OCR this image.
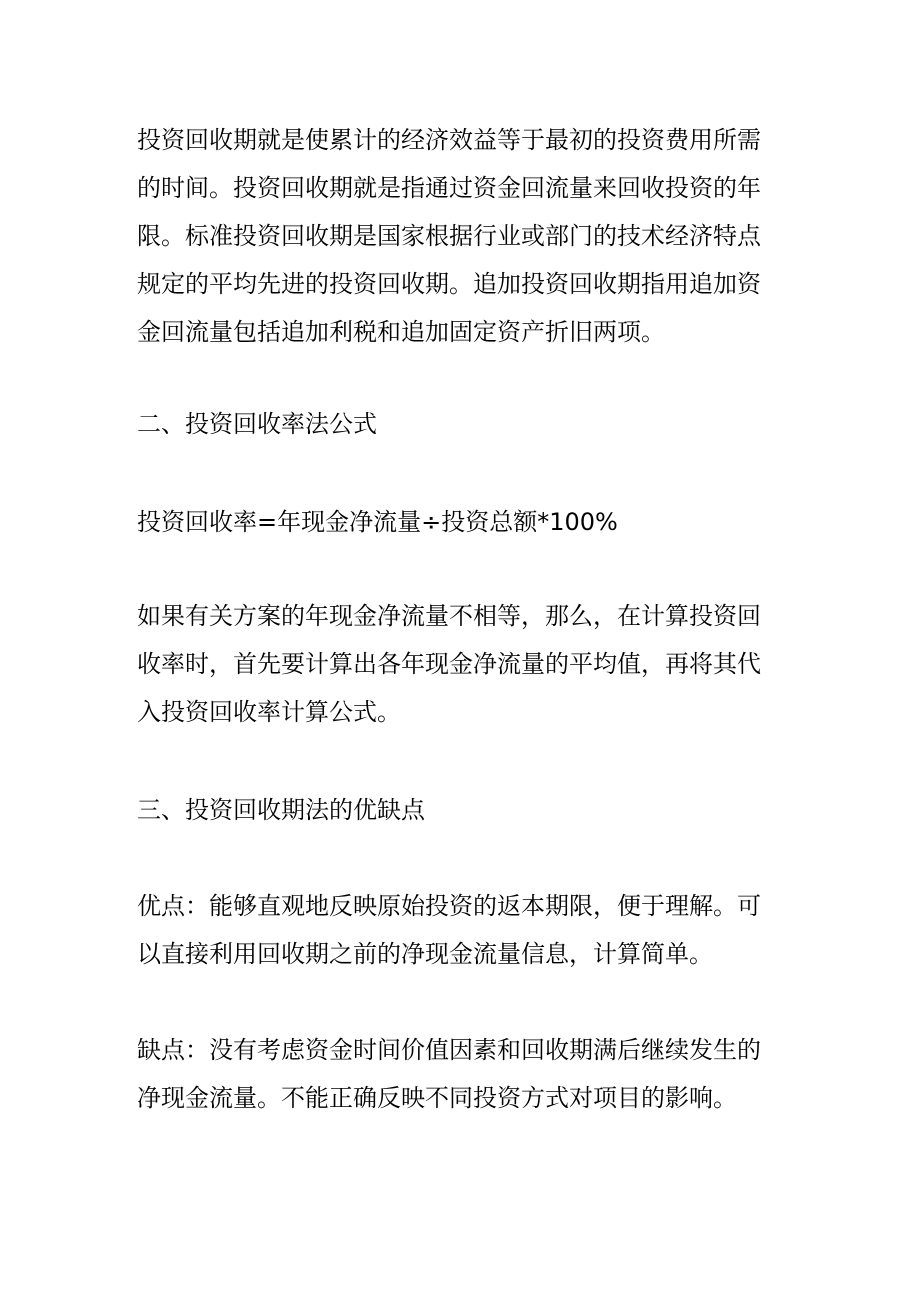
投资回收期就是使累计的经济效益等于最初的投资费用所需
的时间。投资回收期就是指通过资金回流量来回收投资的年
限。标准投资回收期是国家根据行业或部门的技术经济特点
规定的平均先进的投资回收期。追加投资回收期指用追加资
金回流量包括追加利税和追加固定资产折旧两项。

二、投资回收率法公式

投资回收率=年现金净流量÷投资总额*100%

如果有关方案的年现金净流量不相等，那么，在计算投资回
收率时，首先要计算出各年现金净流量的平均值，再将其代
入投资回收率计算公式。

三、投资回收期法的优缺点

优点：能够直观地反映原始投资的返本期限，便于理解。可
以直接利用回收期之前的净现金流量信息，计算简单。

缺点：没有考虑资金时间价值因素和回收期满后继续发生的
净现金流量。不能正确反映不同投资方式对项目的影响。
